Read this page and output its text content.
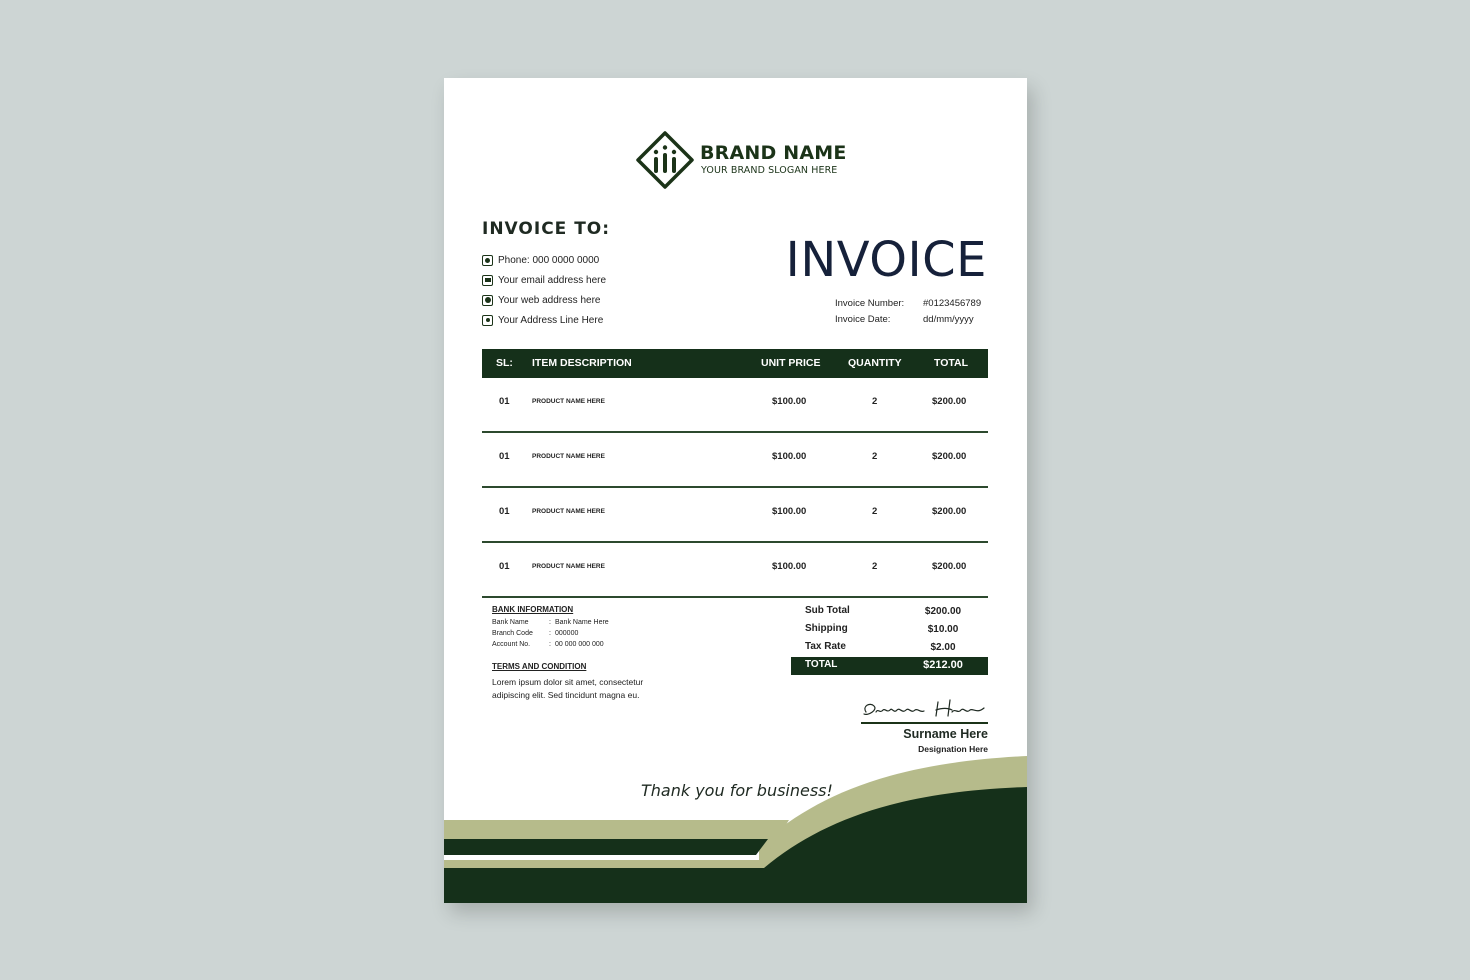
BRAND NAME
YOUR BRAND SLOGAN HERE
INVOICE TO:
Phone: 000 0000 0000
Your email address here
Your web address here
Your Address Line Here
INVOICE
Invoice Number: #0123456789
Invoice Date:	dd/mm/yyyy
SL: ITEM DESCRIPTION	UNIT PRICE	QUANTITY	TOTAL
01	PRODUCT NAME HERE	$100.00	2	$200.00
01	PRODUCT NAME HERE	$100.00	2	$200.00
01	PRODUCT NAME HERE	$100.00	2	$200.00
01	PRODUCT NAME HERE	$100.00	2	$200.00
BANK INFORMATION
Bank Name	: Bank Name Here
Branch Code : 000000
Account No.	: 00 000 000 000
TERMS AND CONDITION
Lorem ipsum dolor sit amet, consectetur adipiscing elit. Sed tincidunt magna eu.
Sub Total	$200.00
Shipping	$10.00
Tax Rate	$2.00
TOTAL	$212.00
Surname Here
Designation Here
Thank you for business!
